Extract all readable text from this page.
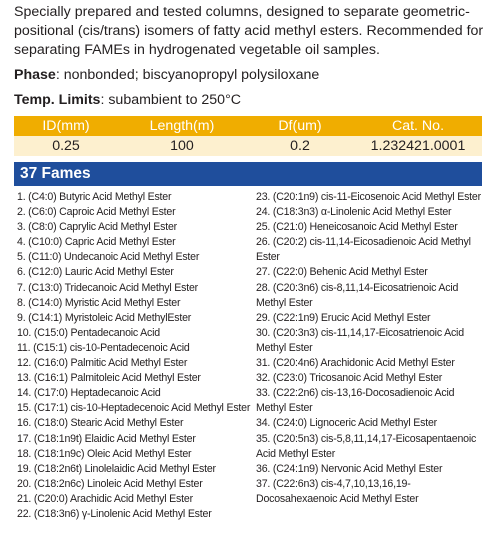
Specially prepared and tested columns, designed to separate geometric-positional (cis/trans) isomers of fatty acid methyl esters. Recommended for separating FAMEs in hydrogenated vegetable oil samples.
Phase: nonbonded; biscyanopropyl polysiloxane
Temp. Limits: subambient to 250°C
ID(mm)	Length(m)	Df(um)	Cat. No.
0.25	100	0.2	1.232421.0001
37 Fames
1. (C4:0) Butyric Acid Methyl Ester
2. (C6:0) Caproic Acid Methyl Ester
3. (C8:0) Caprylic Acid Methyl Ester
4. (C10:0) Capric Acid Methyl Ester
5. (C11:0) Undecanoic Acid Methyl Ester
6. (C12:0) Lauric Acid Methyl Ester
7. (C13:0) Tridecanoic Acid Methyl Ester
8. (C14:0) Myristic Acid Methyl Ester
9. (C14:1) Myristoleic Acid MethylEster
10. (C15:0) Pentadecanoic Acid
11. (C15:1) cis-10-Pentadecenoic Acid
12. (C16:0) Palmitic Acid Methyl Ester
13. (C16:1) Palmitoleic Acid Methyl Ester
14. (C17:0) Heptadecanoic Acid
15. (C17:1) cis-10-Heptadecenoic Acid Methyl Ester
16. (C18:0) Stearic Acid Methyl Ester
17. (C18:1n9t) Elaidic Acid Methyl Ester
18. (C18:1n9c) Oleic Acid Methyl Ester
19. (C18:2n6t) Linolelaidic Acid Methyl Ester
20. (C18:2n6c) Linoleic Acid Methyl Ester
21. (C20:0) Arachidic Acid Methyl Ester
22. (C18:3n6) γ-Linolenic Acid Methyl Ester
23. (C20:1n9) cis-11-Eicosenoic Acid Methyl Ester
24. (C18:3n3) α-Linolenic Acid Methyl Ester
25. (C21:0) Heneicosanoic Acid Methyl Ester
26. (C20:2) cis-11,14-Eicosadienoic Acid Methyl Ester
27. (C22:0) Behenic Acid Methyl Ester
28. (C20:3n6) cis-8,11,14-Eicosatrienoic Acid Methyl Ester
29. (C22:1n9) Erucic Acid Methyl Ester
30. (C20:3n3) cis-11,14,17-Eicosatrienoic Acid Methyl Ester
31. (C20:4n6) Arachidonic Acid Methyl Ester
32. (C23:0) Tricosanoic Acid Methyl Ester
33. (C22:2n6) cis-13,16-Docosadienoic Acid Methyl Ester
34. (C24:0) Lignoceric Acid Methyl Ester
35. (C20:5n3) cis-5,8,11,14,17-Eicosapentaenoic Acid Methyl Ester
36. (C24:1n9) Nervonic Acid Methyl Ester
37. (C22:6n3) cis-4,7,10,13,16,19-Docosahexaenoic Acid Methyl Ester
